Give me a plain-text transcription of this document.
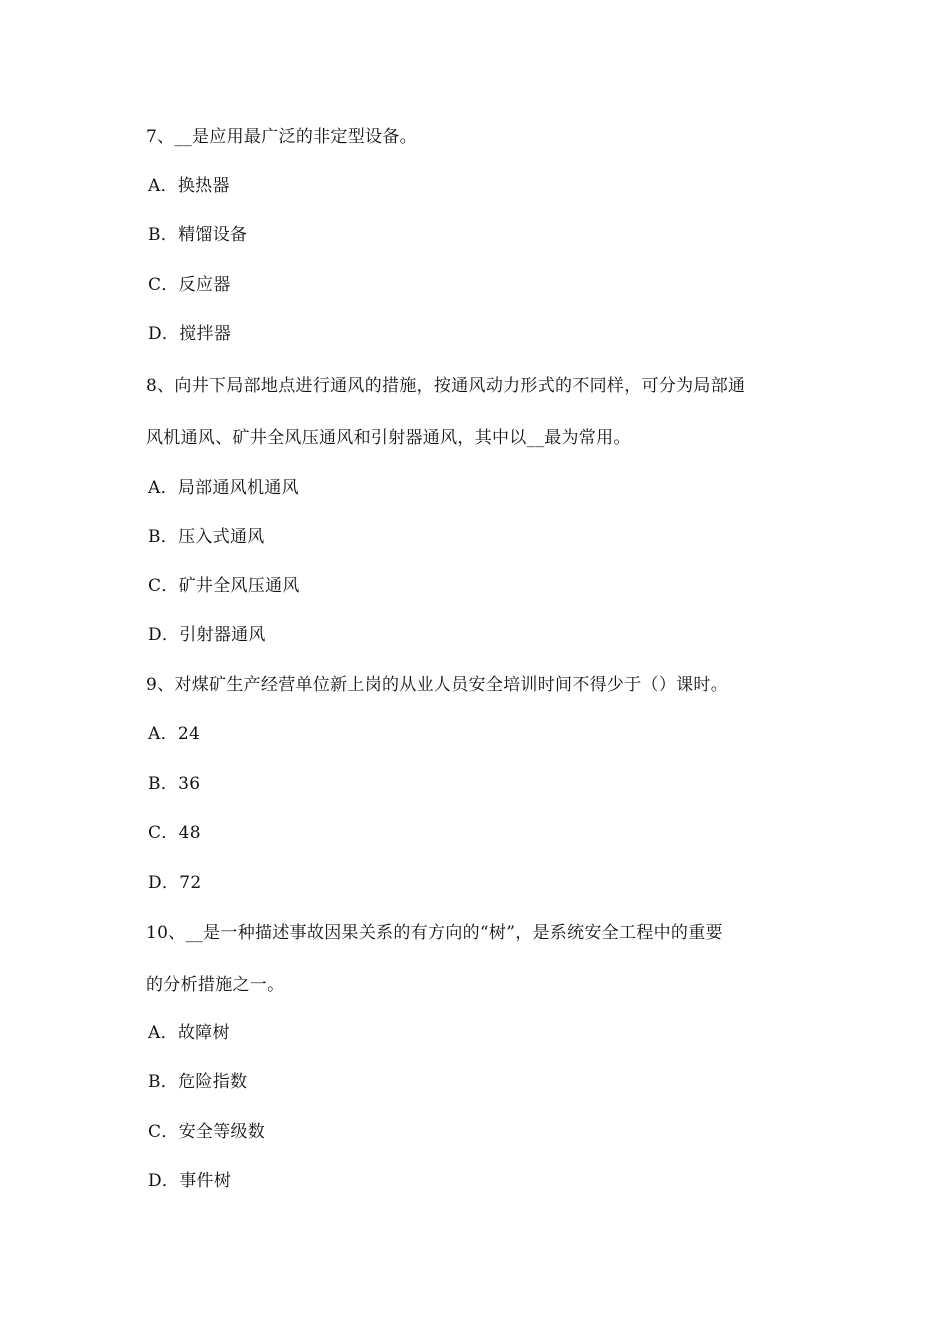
7、__是应用最广泛的非定型设备。
A．换热器
B．精馏设备
C．反应器
D．搅拌器
8、向井下局部地点进行通风的措施，按通风动力形式的不同样，可分为局部通
风机通风、矿井全风压通风和引射器通风，其中以__最为常用。
A．局部通风机通风
B．压入式通风
C．矿井全风压通风
D．引射器通风
9、对煤矿生产经营单位新上岗的从业人员安全培训时间不得少于（）课时。
A．24
B．36
C．48
D．72
10、__是一种描述事故因果关系的有方向的“树”，是系统安全工程中的重要
的分析措施之一。
A．故障树
B．危险指数
C．安全等级数
D．事件树
